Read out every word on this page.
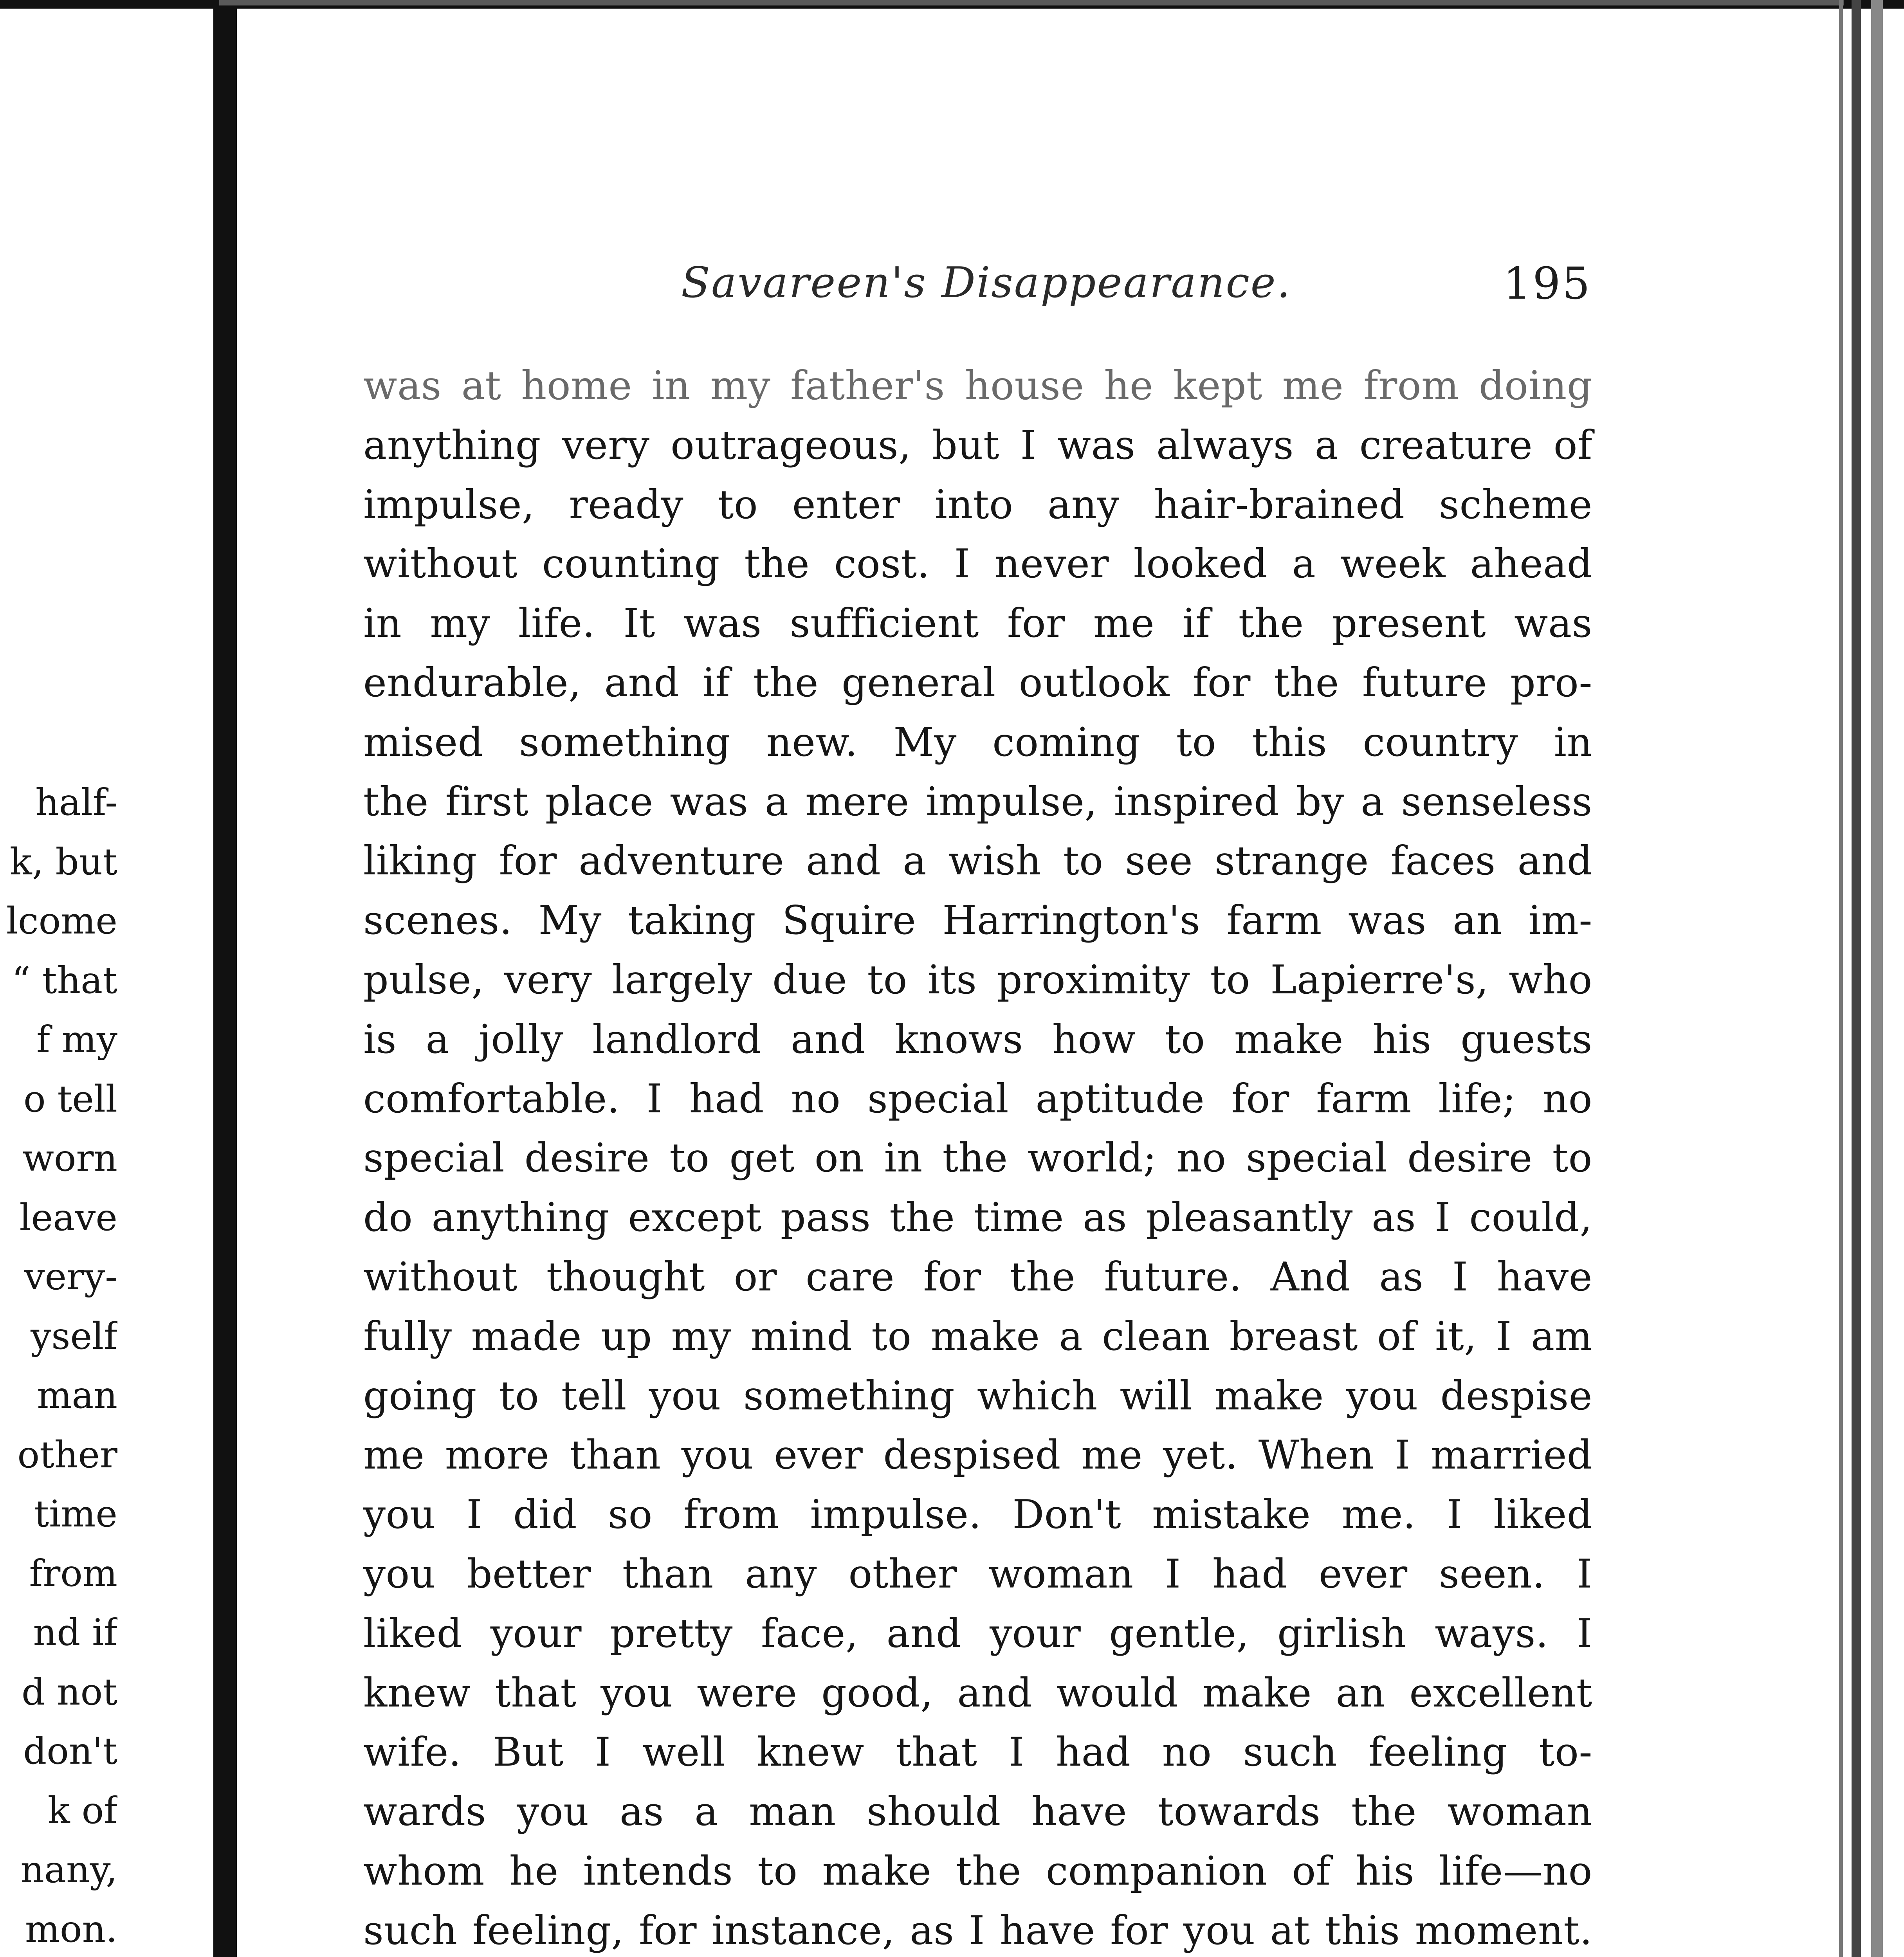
half-
k, but
lcome
“ that
f my
o tell
worn
leave
very-
yself
man
other
time
from
nd if
d not
don't
k of
nany,
mon.
Savareen's Disappearance.	195
was at home in my father's house he kept me from doing
anything very outrageous, but I was always a creature of
impulse, ready to enter into any hair-brained scheme
without counting the cost. I never looked a week ahead
in my life. It was sufficient for me if the present was
endurable, and if the general outlook for the future pro-
mised something new. My coming to this country in
the first place was a mere impulse, inspired by a senseless
liking for adventure and a wish to see strange faces and
scenes. My taking Squire Harrington's farm was an im-
pulse, very largely due to its proximity to Lapierre's, who
is a jolly landlord and knows how to make his guests
comfortable. I had no special aptitude for farm life; no
special desire to get on in the world; no special desire to
do anything except pass the time as pleasantly as I could,
without thought or care for the future. And as I have
fully made up my mind to make a clean breast of it, I am
going to tell you something which will make you despise
me more than you ever despised me yet. When I married
you I did so from impulse. Don't mistake me. I liked
you better than any other woman I had ever seen. I
liked your pretty face, and your gentle, girlish ways. I
knew that you were good, and would make an excellent
wife. But I well knew that I had no such feeling to-
wards you as a man should have towards the woman
whom he intends to make the companion of his life—no
such feeling, for instance, as I have for you at this moment.
